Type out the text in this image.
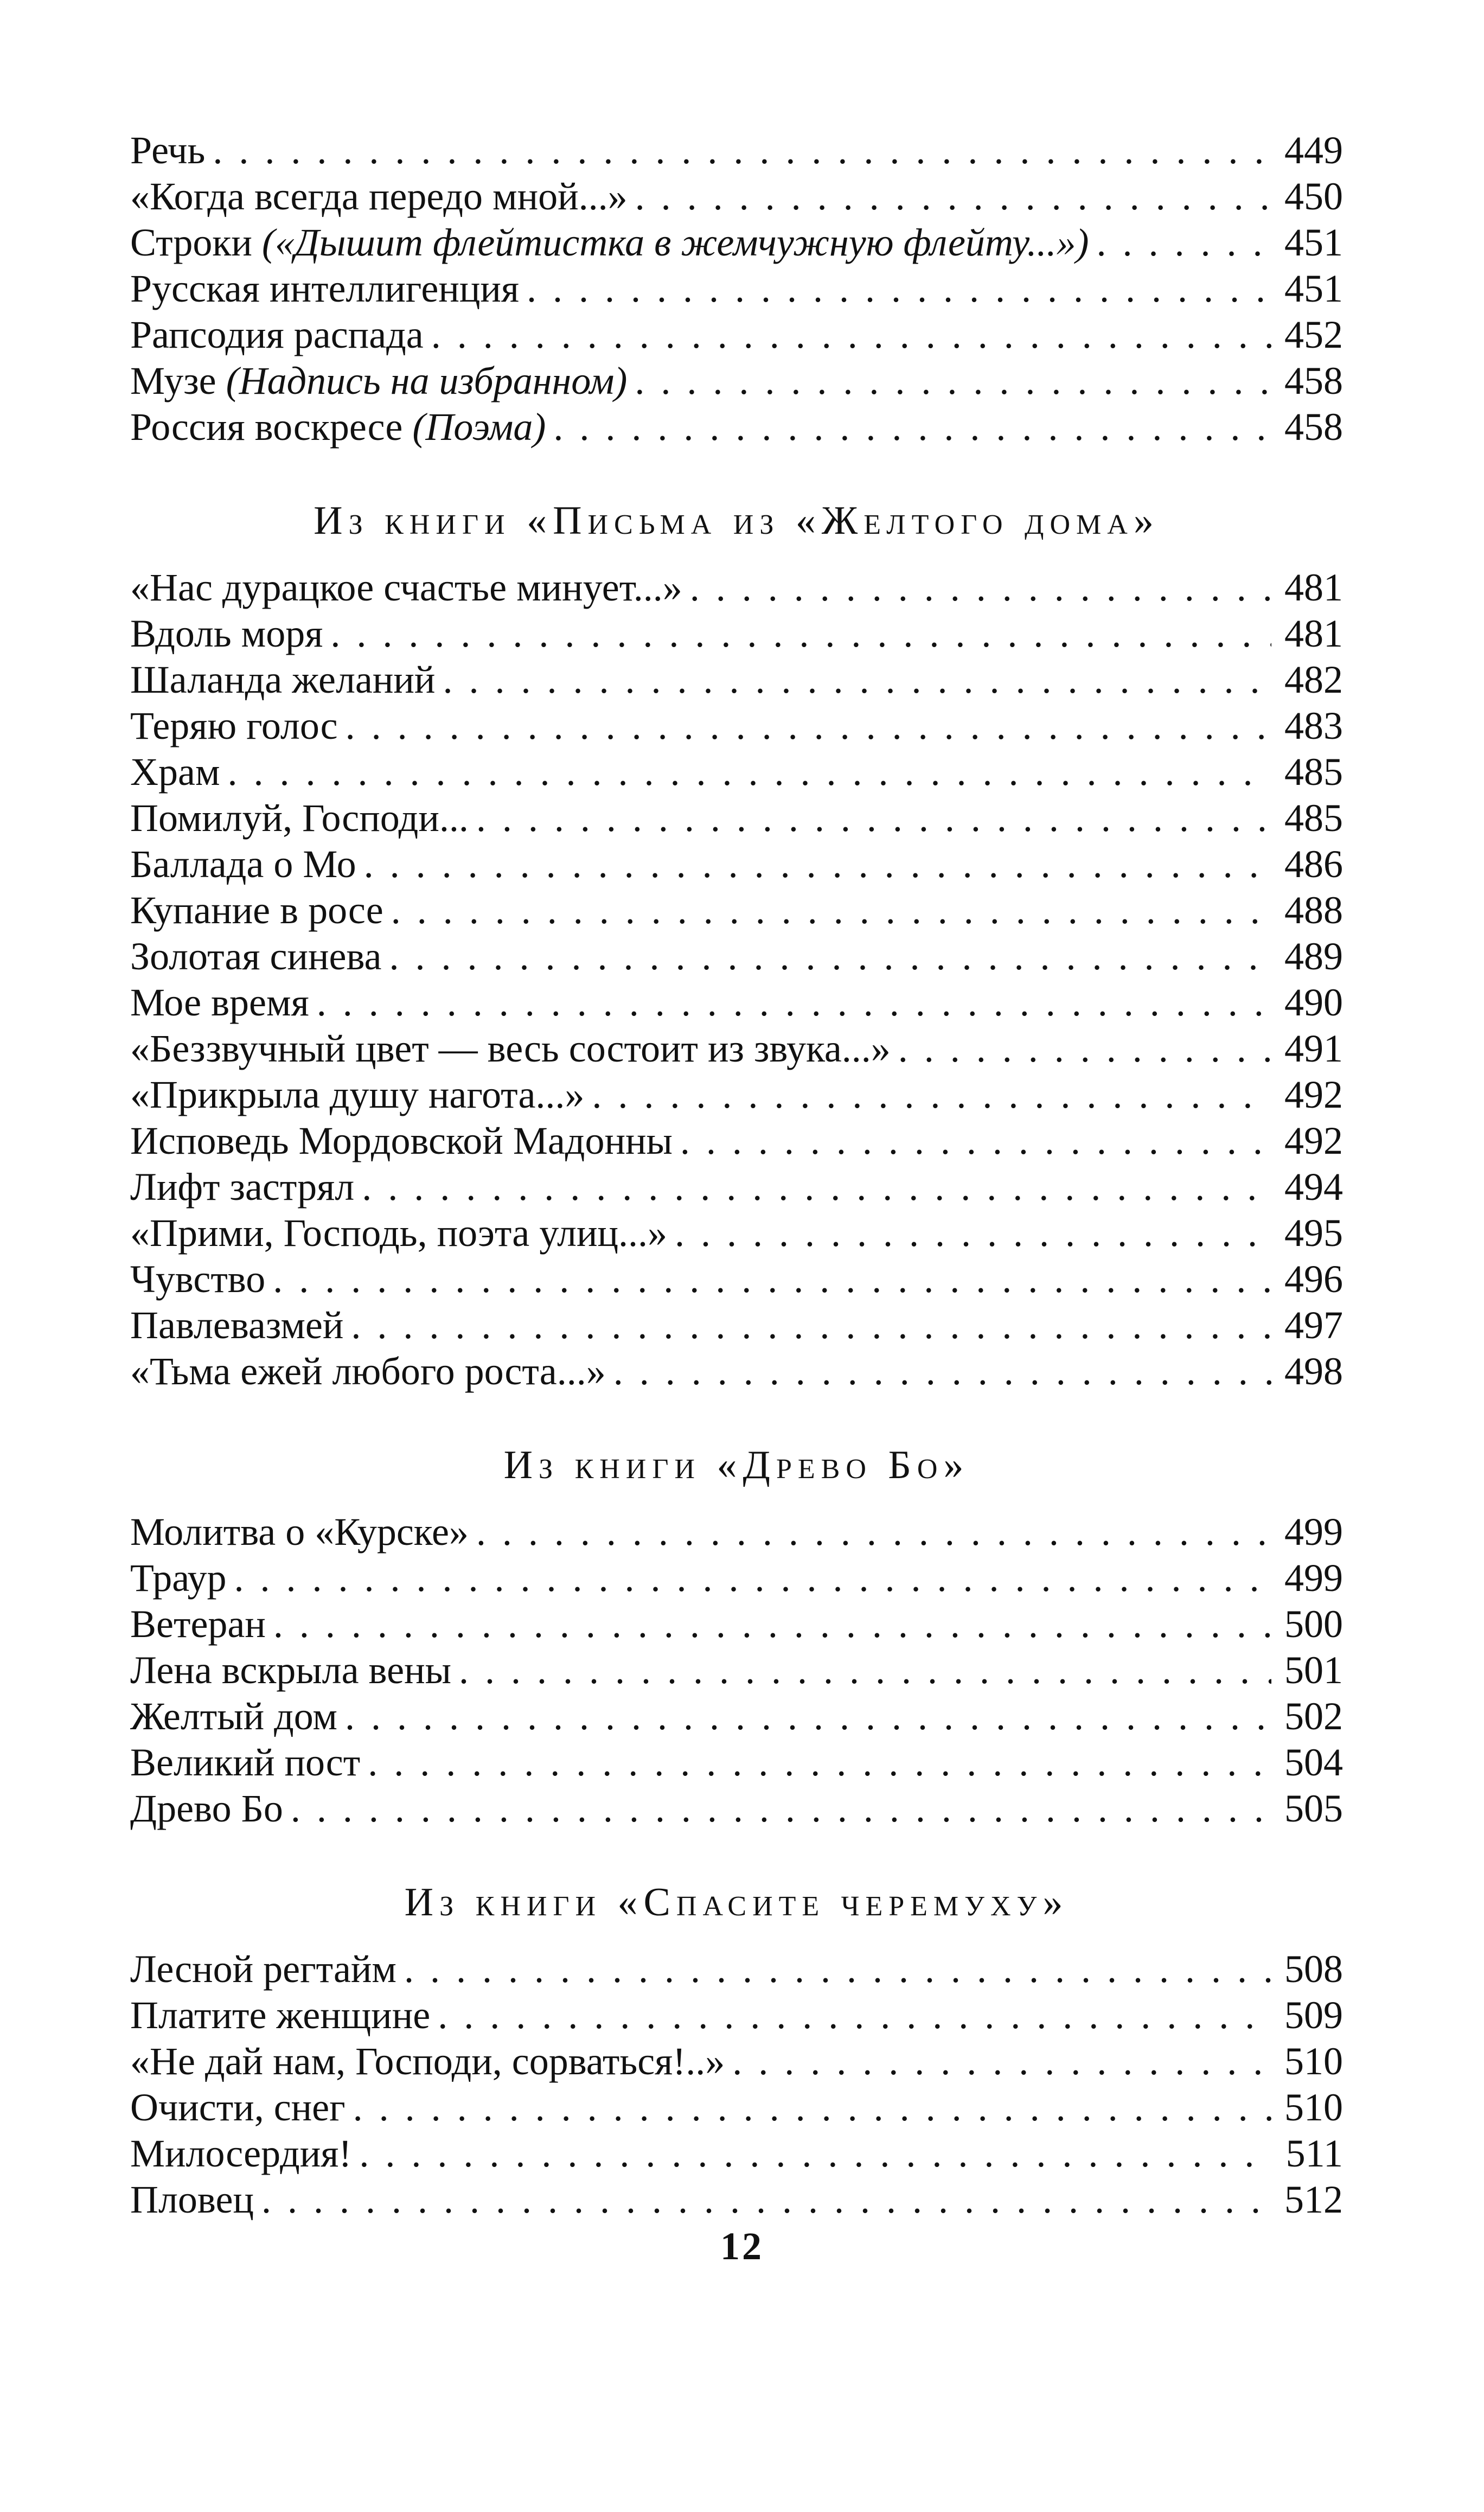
Речь . . .	449
«Когда всегда передо мной...» . . .	450
Строки («Дышит флейтистка в жемчужную флейту...») . . .	451
Русская интеллигенция . . .	451
Рапсодия распада . . .	452
Музе (Надпись на избранном) . . .	458
Россия воскресе (Поэма) . . .	458
Из книги «Письма из «Желтого дома»
«Нас дурацкое счастье минует...» . . .	481
Вдоль моря . . .	481
Шаланда желаний . . .	482
Теряю голос . . .	483
Храм . . .	485
Помилуй, Господи... . . .	485
Баллада о Мо . . .	486
Купание в росе . . .	488
Золотая синева . . .	489
Мое время . . .	490
«Беззвучный цвет — весь состоит из звука...» . . .	491
«Прикрыла душу нагота...» . . .	492
Исповедь Мордовской Мадонны . . .	492
Лифт застрял . . .	494
«Прими, Господь, поэта улиц...» . . .	495
Чувство . . .	496
Павлевазмей . . .	497
«Тьма ежей любого роста...» . . .	498
Из книги «Древо Бо»
Молитва о «Курске» . . .	499
Траур . . .	499
Ветеран . . .	500
Лена вскрыла вены . . .	501
Желтый дом . . .	502
Великий пост . . .	504
Древо Бо . . .	505
Из книги «Спасите черемуху»
Лесной регтайм . . .	508
Платите женщине . . .	509
«Не дай нам, Господи, сорваться!..» . . .	510
Очисти, снег . . .	510
Милосердия! . . .	511
Пловец . . .	512
12
